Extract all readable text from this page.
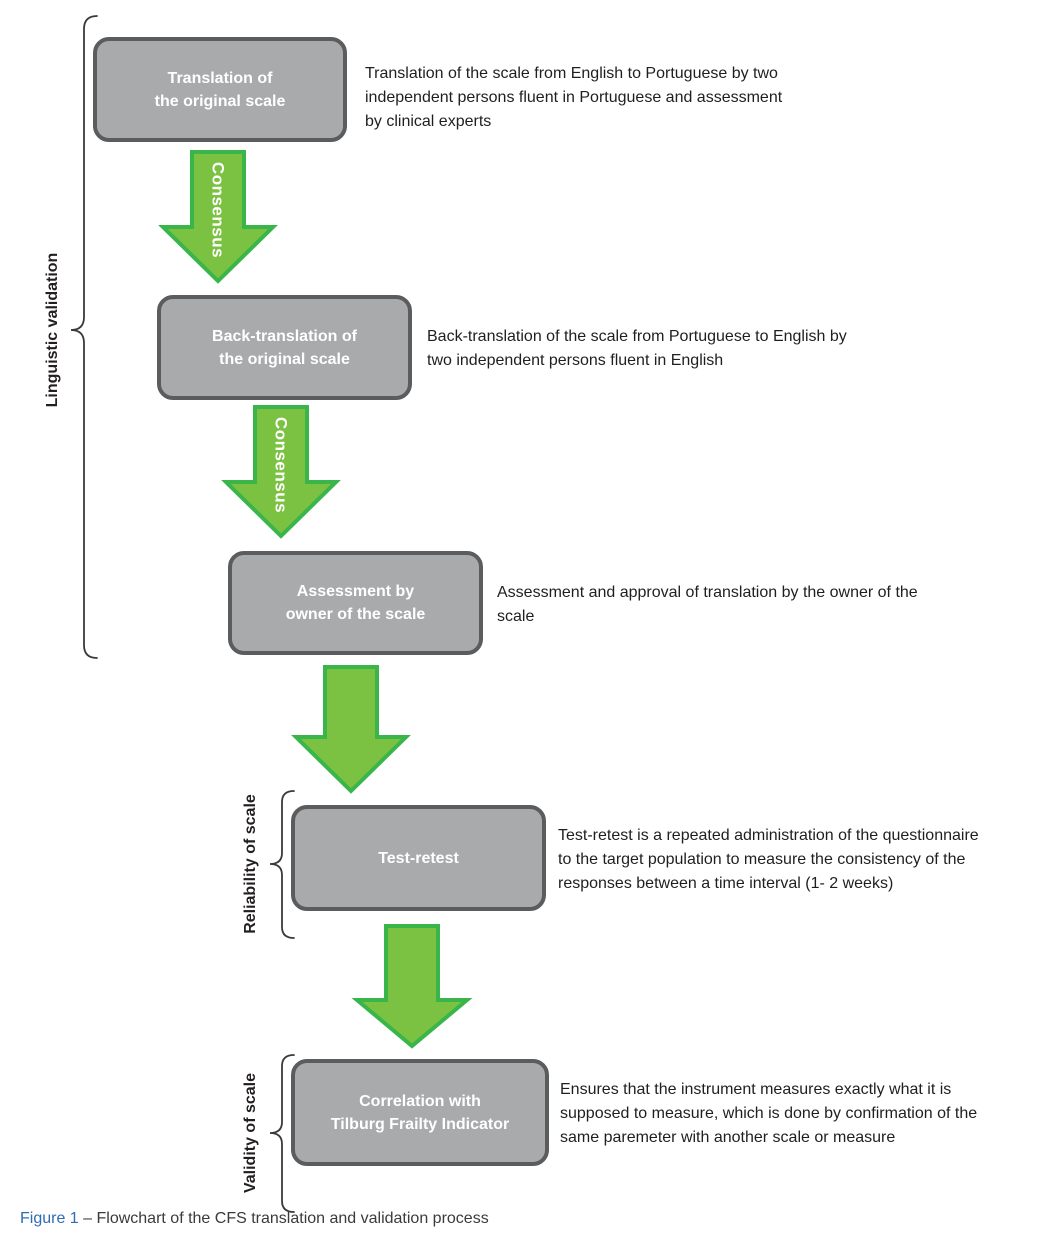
Consensus
Consensus
Linguistic validation
Reliability of scale
Validity of scale
Translation of
the original scale
Back-translation of
the original scale
Assessment by
owner of the scale
Test-retest
Correlation with
Tilburg Frailty Indicator
Translation of the scale from English to Portuguese by two
independent persons fluent in Portuguese and assessment
by clinical experts
Back-translation of the scale from Portuguese to English by
two independent persons fluent in English
Assessment and approval of translation by the owner of the
scale
Test-retest is a repeated administration of the questionnaire
to the target population to measure the consistency of the
responses between a time interval (1- 2 weeks)
Ensures that the instrument measures exactly what it is
supposed to measure, which is done by confirmation of the
same paremeter with another scale or measure
Figure 1 – Flowchart of the CFS translation and validation process
